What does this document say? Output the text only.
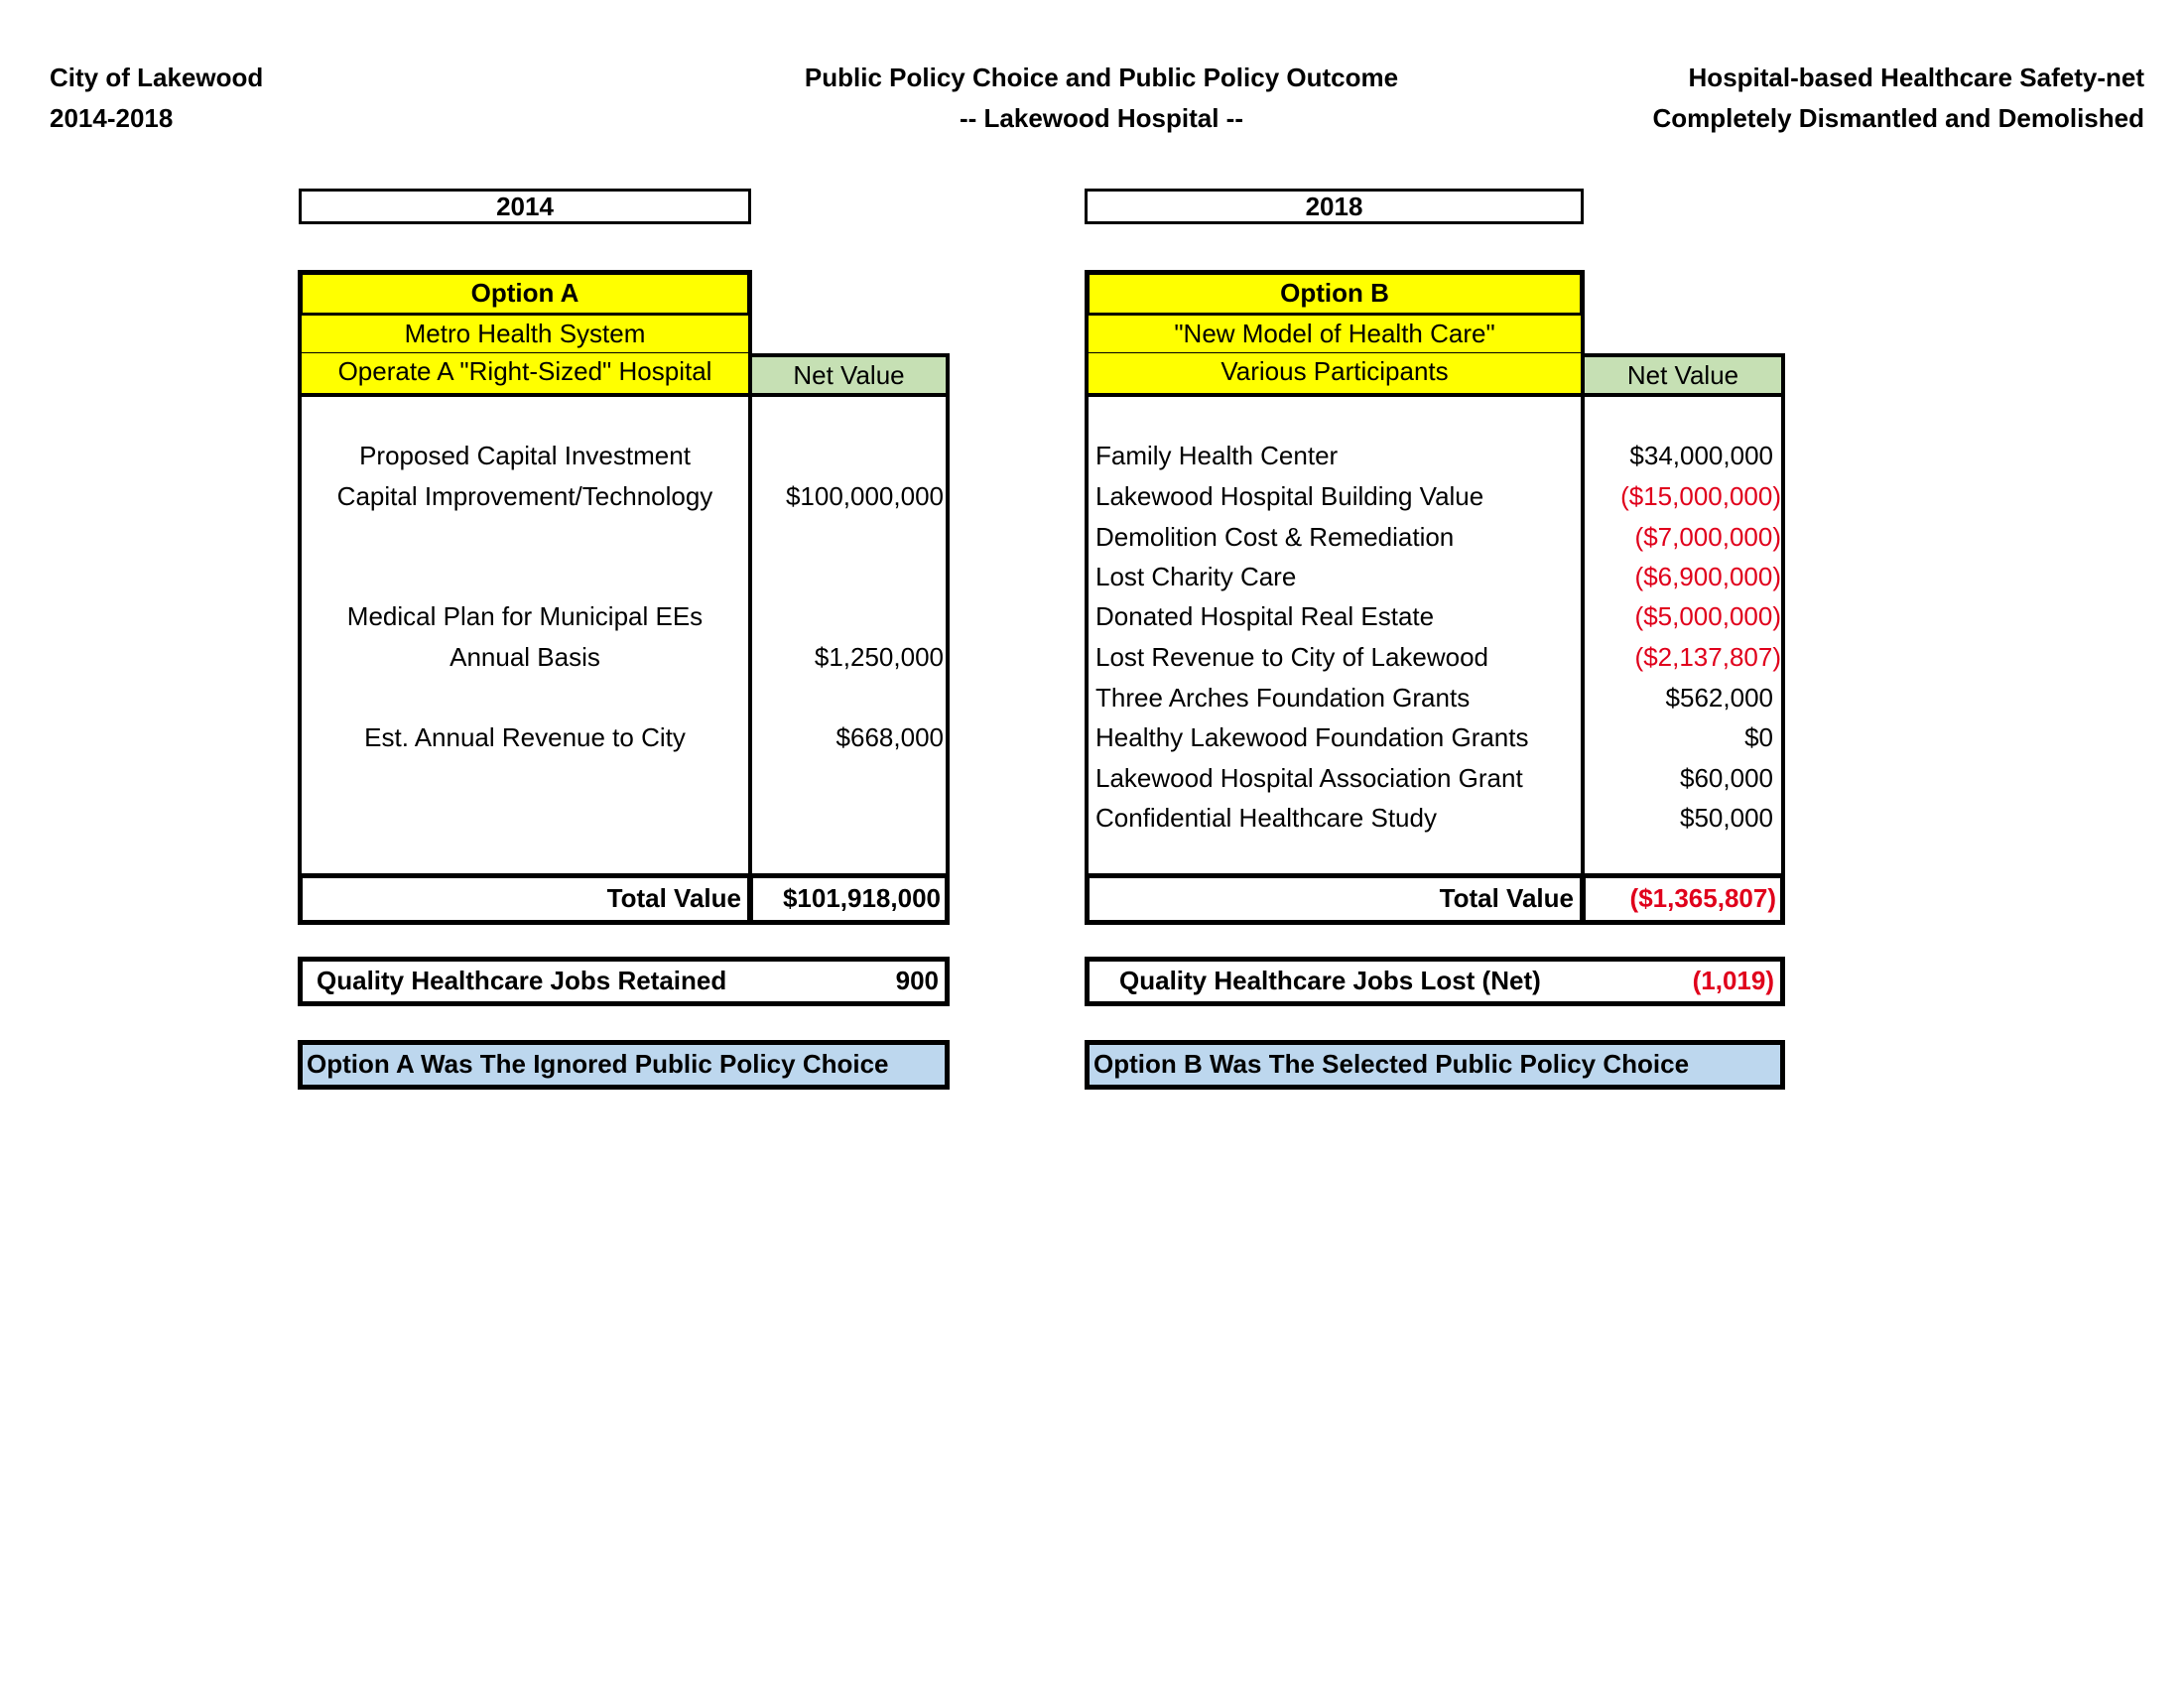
City of Lakewood
2014-2018
Public Policy Choice and Public Policy Outcome
-- Lakewood Hospital --
Hospital-based Healthcare Safety-net
Completely Dismantled and Demolished
2014
Option A
Metro Health System
Operate A "Right-Sized" Hospital	Net Value
Proposed Capital Investment
Capital Improvement/Technology	$100,000,000
Medical Plan for Municipal EEs
Annual Basis	$1,250,000
Est. Annual Revenue to City	$668,000
Total Value	$101,918,000
Quality Healthcare Jobs Retained	900
Option A Was The Ignored Public Policy Choice
2018
Option B
"New Model of Health Care"
Various Participants	Net Value
Family Health Center	$34,000,000
Lakewood Hospital Building Value	($15,000,000)
Demolition Cost & Remediation	($7,000,000)
Lost Charity Care	($6,900,000)
Donated Hospital Real Estate	($5,000,000)
Lost Revenue to City of Lakewood	($2,137,807)
Three Arches Foundation Grants	$562,000
Healthy Lakewood Foundation Grants	$0
Lakewood Hospital Association Grant	$60,000
Confidential Healthcare Study	$50,000
Total Value	($1,365,807)
Quality Healthcare Jobs Lost (Net)	(1,019)
Option B Was The Selected Public Policy Choice
